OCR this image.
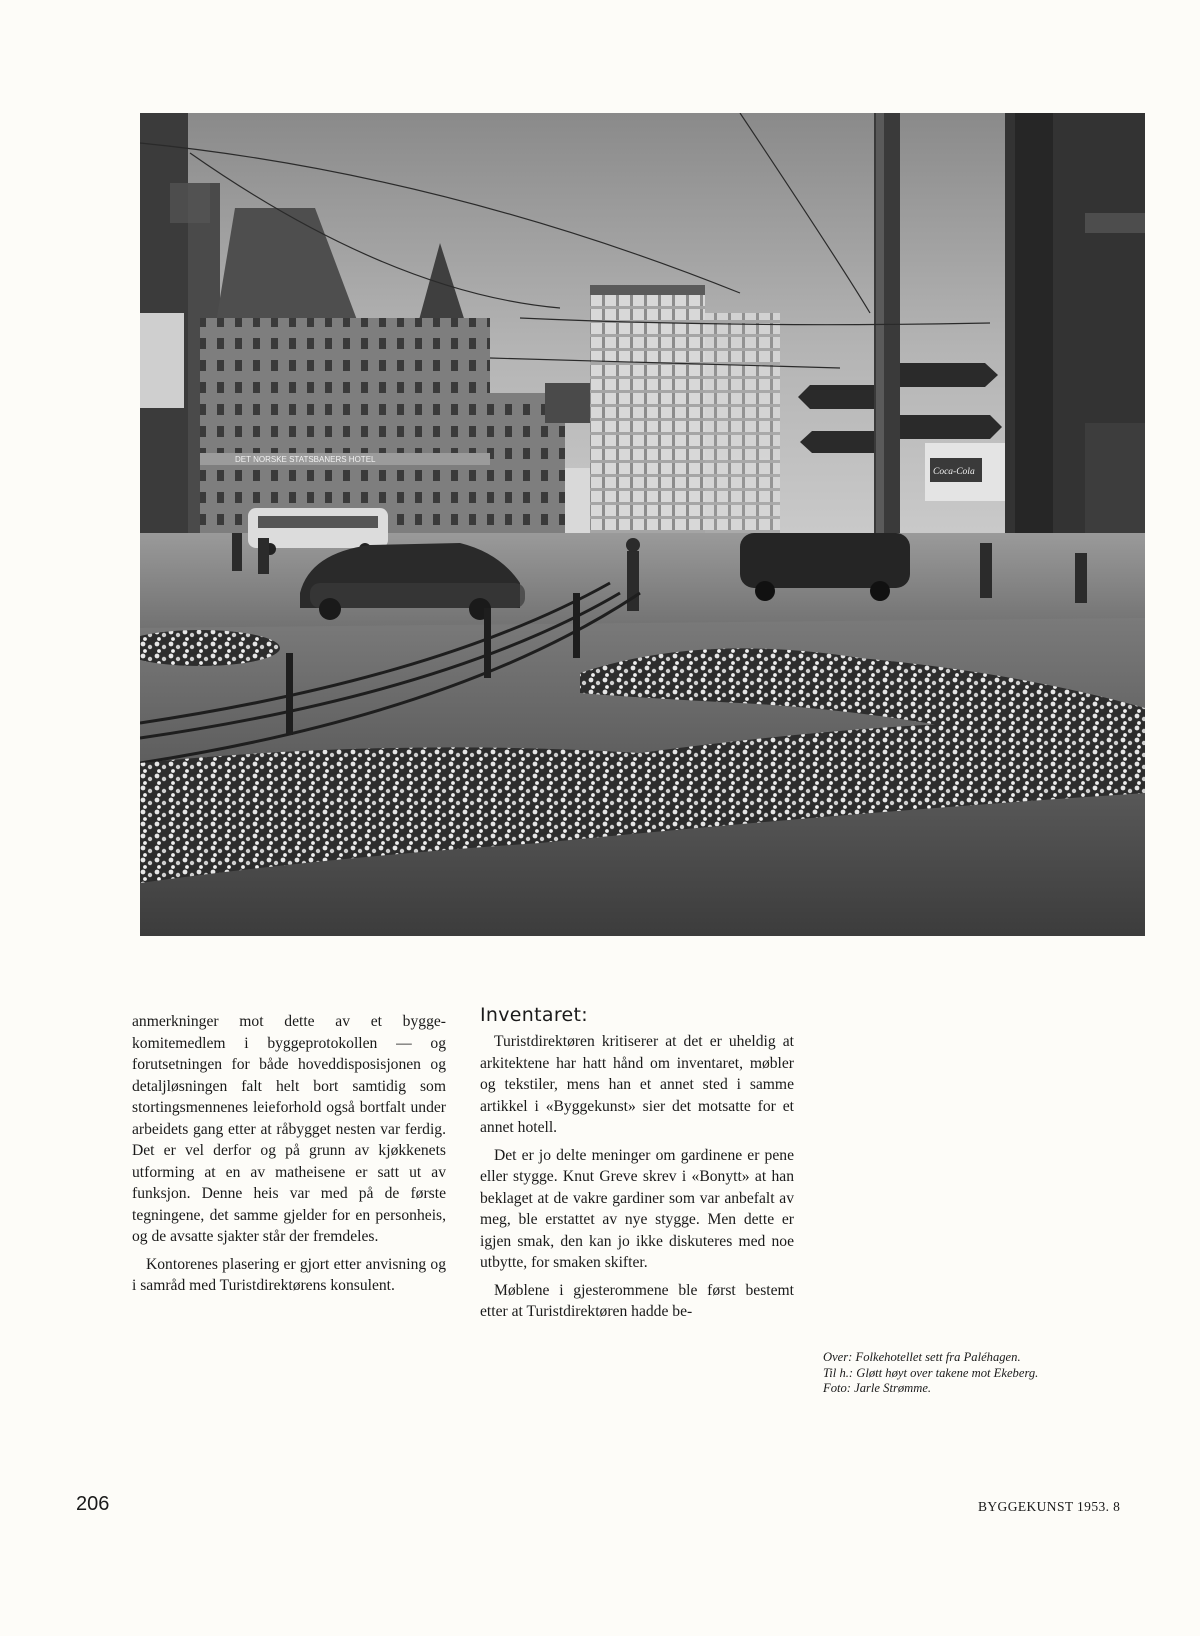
DET NORSKE STATSBANERS HOTEL
Coca-Cola

anmerkninger mot dette av et bygge-komitemedlem i byggeprotokollen — og forutsetningen for både hoveddisposisjonen og detaljløsningen falt helt bort samtidig som stortingsmennenes leieforhold også bortfalt under arbeidets gang etter at råbygget nesten var ferdig. Det er vel derfor og på grunn av kjøkkenets utforming at en av matheisene er satt ut av funksjon. Denne heis var med på de første tegningene, det samme gjelder for en personheis, og de avsatte sjakter står der fremdeles.

Kontorenes plasering er gjort etter anvisning og i samråd med Turistdirektørens konsulent.

Inventaret:

Turistdirektøren kritiserer at det er uheldig at arkitektene har hatt hånd om inventaret, møbler og tekstiler, mens han et annet sted i samme artikkel i «Byggekunst» sier det motsatte for et annet hotell.

Det er jo delte meninger om gardinene er pene eller stygge. Knut Greve skrev i «Bonytt» at han beklaget at de vakre gardiner som var anbefalt av meg, ble erstattet av nye stygge. Men dette er igjen smak, den kan jo ikke diskuteres med noe utbytte, for smaken skifter.

Møblene i gjesterommene ble først bestemt etter at Turistdirektøren hadde be-

Over: Folkehotellet sett fra Paléhagen.
Til h.: Gløtt høyt over takene mot Ekeberg.
Foto: Jarle Strømme.
206	BYGGEKUNST 1953. 8
